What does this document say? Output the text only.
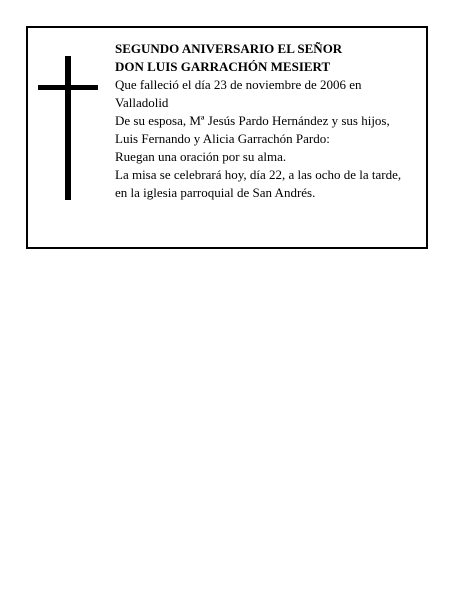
SEGUNDO ANIVERSARIO EL SEÑOR
DON LUIS GARRACHÓN MESIERT
Que falleció el día 23 de noviembre de 2006 en
Valladolid
De su esposa, Mª Jesús Pardo Hernández y sus hijos,
Luis Fernando y Alicia Garrachón Pardo:
Ruegan una oración por su alma.
La misa se celebrará hoy, día 22, a las ocho de la tarde,
en la iglesia parroquial de San Andrés.
